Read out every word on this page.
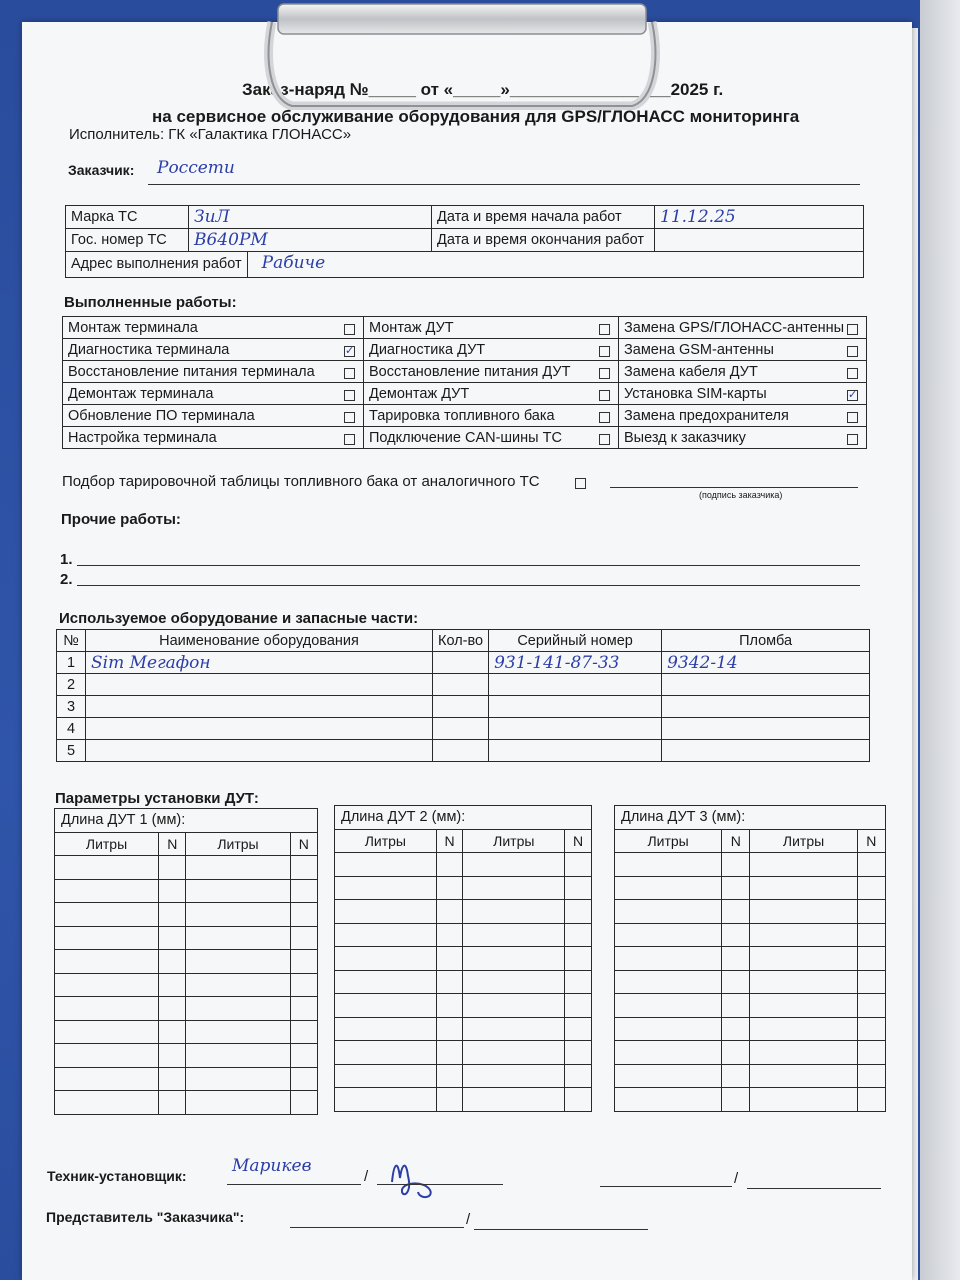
Заказ-наряд №_____ от «_____»_________________2025 г.
на сервисное обслуживание оборудования для GPS/ГЛОНАСС мониторинга
Исполнитель: ГК «Галактика ГЛОНАСС»
Заказчик: Россети
Марка ТС	ЗиЛ	Дата и время начала работ	11.12.25
Гос. номер ТС	В640РМ	Дата и время окончания работ	
Адрес выполнения работ Рабиче			
Выполненные работы:
Монтаж терминала	Монтаж ДУТ	Замена GPS/ГЛОНАСС-антенны

Диагностика терминала ✓	Диагностика ДУТ	Замена GSM-антенны

Восстановление питания терминала	Восстановление питания ДУТ	Замена кабеля ДУТ

Демонтаж терминала	Демонтаж ДУТ	Установка SIM-карты ✓

Обновление ПО терминала	Тарировка топливного бака	Замена предохранителя

Настройка терминала	Подключение CAN-шины ТС	Выезд к заказчику
Подбор тарировочной таблицы топливного бака от аналогичного ТС
(подпись заказчика)
Прочие работы:
1.
2.
Используемое оборудование и запасные части:
№	Наименование оборудования	Кол-во	Серийный номер	Пломба
1	Sim Мегафон		931-141-87-33	9342-14
2				
3				
4				
5				
Параметры установки ДУТ:
Длина ДУТ 1 (мм):			
Литры	N	Литры	N

Длина ДУТ 2 (мм):			
Литры	N	Литры	N

Длина ДУТ 3 (мм):			
Литры	N	Литры	N

Техник-установщик:	Марикев
/	/
Представитель "Заказчика":	/
